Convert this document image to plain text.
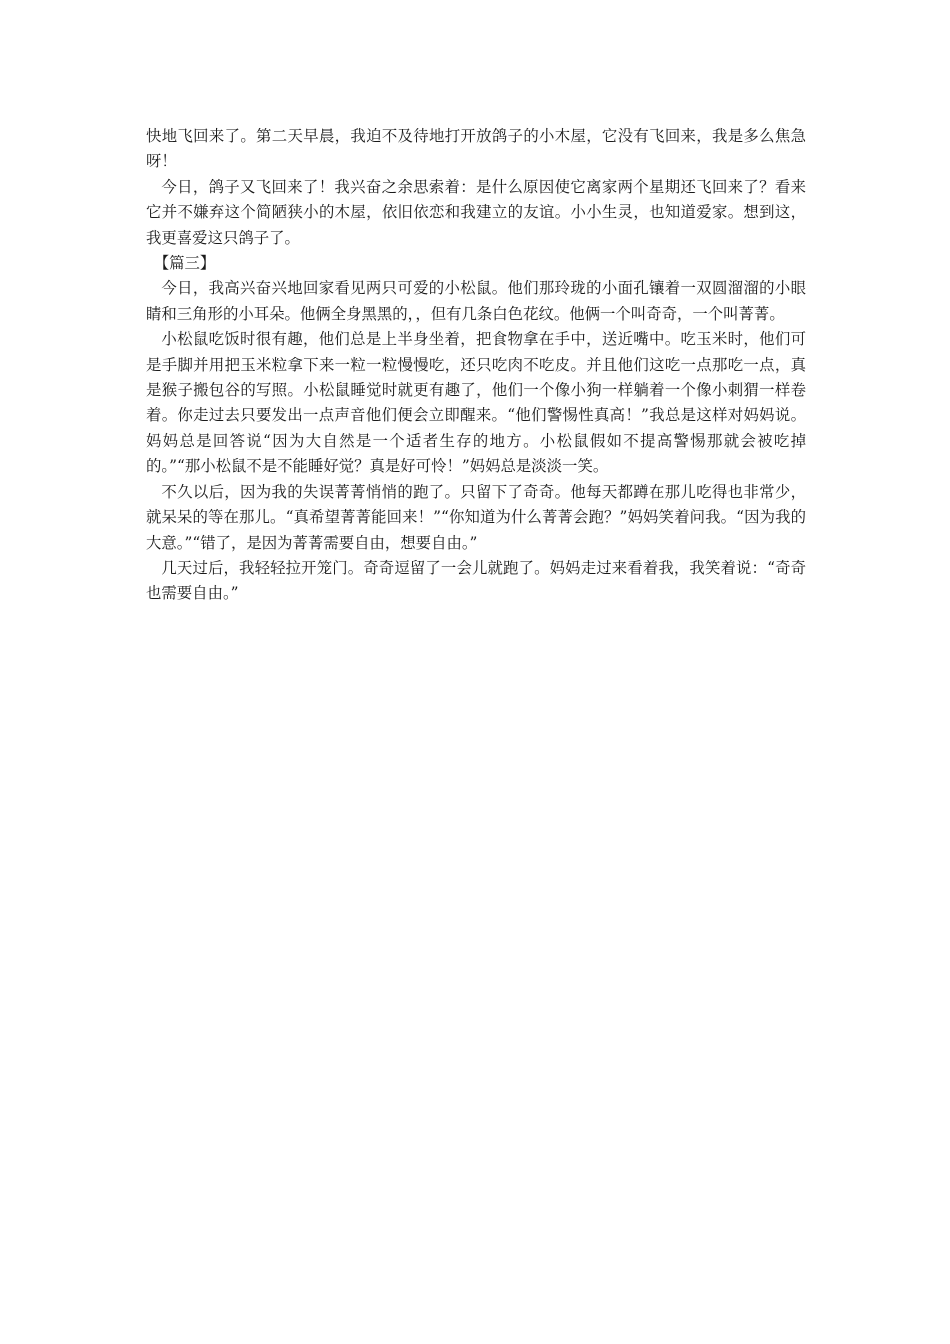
快地飞回来了。第二天早晨，我迫不及待地打开放鸽子的小木屋，它没有飞回来，我是多么焦急呀！

今日，鸽子又飞回来了！我兴奋之余思索着：是什么原因使它离家两个星期还飞回来了？看来它并不嫌弃这个简陋狭小的木屋，依旧依恋和我建立的友谊。小小生灵，也知道爱家。想到这，我更喜爱这只鸽子了。

【篇三】

今日，我高兴奋兴地回家看见两只可爱的小松鼠。他们那玲珑的小面孔镶着一双圆溜溜的小眼睛和三角形的小耳朵。他俩全身黑黑的，，但有几条白色花纹。他俩一个叫奇奇，一个叫菁菁。

小松鼠吃饭时很有趣，他们总是上半身坐着，把食物拿在手中，送近嘴中。吃玉米时，他们可是手脚并用把玉米粒拿下来一粒一粒慢慢吃，还只吃肉不吃皮。并且他们这吃一点那吃一点，真是猴子搬包谷的写照。小松鼠睡觉时就更有趣了，他们一个像小狗一样躺着一个像小刺猬一样卷着。你走过去只要发出一点声音他们便会立即醒来。“他们警惕性真高！”我总是这样对妈妈说。妈妈总是回答说“因为大自然是一个适者生存的地方。小松鼠假如不提高警惕那就会被吃掉的。”“那小松鼠不是不能睡好觉？真是好可怜！”妈妈总是淡淡一笑。

不久以后，因为我的失误菁菁悄悄的跑了。只留下了奇奇。他每天都蹲在那儿吃得也非常少，就呆呆的等在那儿。“真希望菁菁能回来！”“你知道为什么菁菁会跑？”妈妈笑着问我。“因为我的大意。”“错了，是因为菁菁需要自由，想要自由。”

几天过后，我轻轻拉开笼门。奇奇逗留了一会儿就跑了。妈妈走过来看着我，我笑着说：“奇奇也需要自由。”
